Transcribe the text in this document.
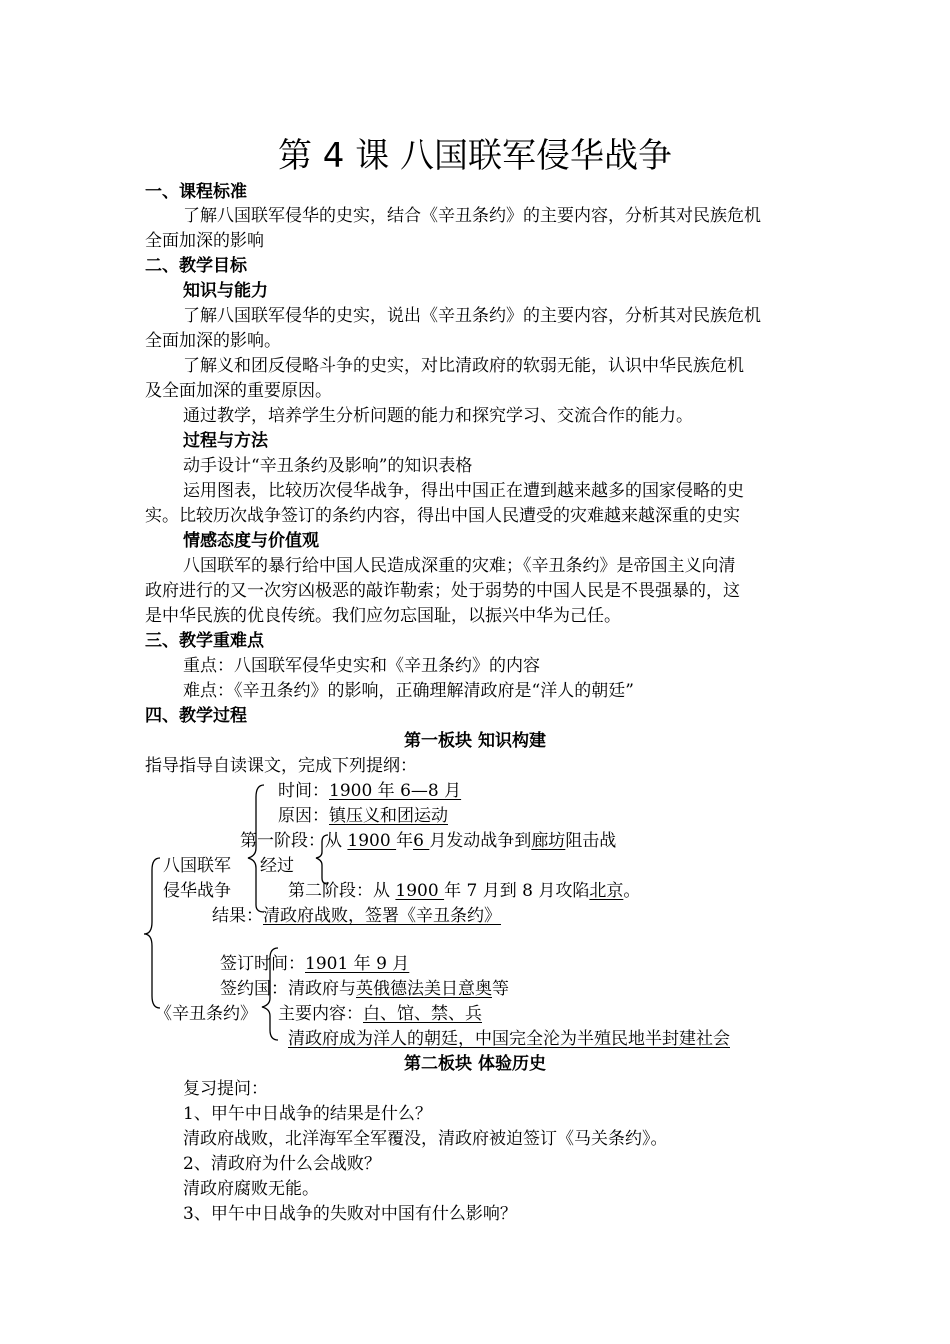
第 4 课 八国联军侵华战争
一、课程标准
了解八国联军侵华的史实，结合《辛丑条约》的主要内容，分析其对民族危机
全面加深的影响
二、教学目标
知识与能力
了解八国联军侵华的史实，说出《辛丑条约》的主要内容，分析其对民族危机
全面加深的影响。
了解义和团反侵略斗争的史实，对比清政府的软弱无能，认识中华民族危机
及全面加深的重要原因。
通过教学，培养学生分析问题的能力和探究学习、交流合作的能力。
过程与方法
动手设计“辛丑条约及影响”的知识表格
运用图表，比较历次侵华战争，得出中国正在遭到越来越多的国家侵略的史
实。比较历次战争签订的条约内容，得出中国人民遭受的灾难越来越深重的史实
情感态度与价值观
八国联军的暴行给中国人民造成深重的灾难；《辛丑条约》是帝国主义向清
政府进行的又一次穷凶极恶的敲诈勒索；处于弱势的中国人民是不畏强暴的，这
是中华民族的优良传统。我们应勿忘国耻，以振兴中华为己任。
三、教学重难点
重点：八国联军侵华史实和《辛丑条约》的内容
难点：《辛丑条约》的影响，正确理解清政府是“洋人的朝廷”
四、教学过程
第一板块 知识构建
指导指导自读课文，完成下列提纲：
时间：1900 年 6—8 月
原因：镇压义和团运动
第一阶段：从 1900 年6 月发动战争到廊坊阻击战
八国联军 经过
侵华战争	第二阶段：从 1900 年 7 月到 8 月攻陷北京。
结果：清政府战败，签署《辛丑条约》
签订时间：1901 年 9 月
签约国：清政府与英俄德法美日意奥等
《辛丑条约》 主要内容：白、馆、禁、兵
清政府成为洋人的朝廷，中国完全沦为半殖民地半封建社会
第二板块 体验历史
复习提问：
1、甲午中日战争的结果是什么？
清政府战败，北洋海军全军覆没，清政府被迫签订《马关条约》。
2、清政府为什么会战败？
清政府腐败无能。
3、甲午中日战争的失败对中国有什么影响？
